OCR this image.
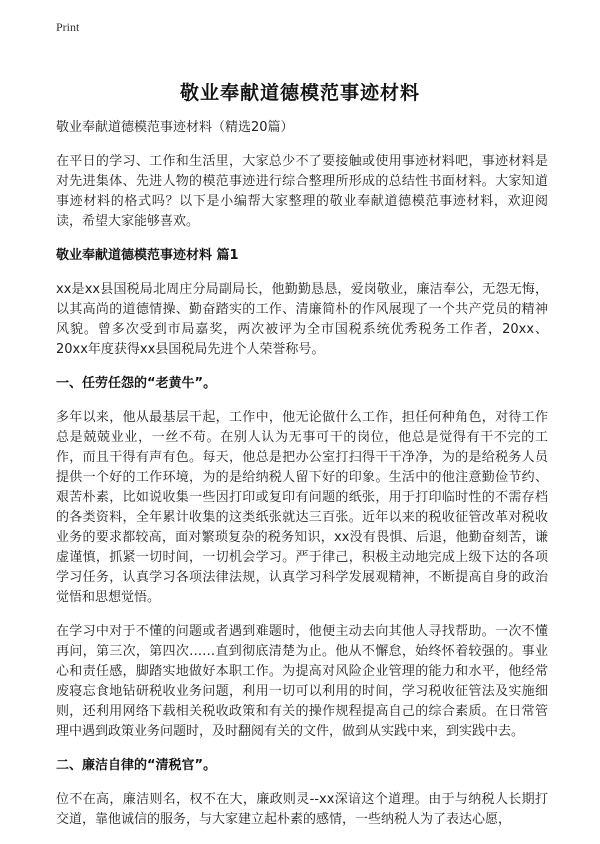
Print
敬业奉献道德模范事迹材料
敬业奉献道德模范事迹材料（精选20篇）

在平日的学习、工作和生活里，大家总少不了要接触或使用事迹材料吧，事迹材料是对先进集体、先进人物的模范事迹进行综合整理所形成的总结性书面材料。大家知道事迹材料的格式吗？以下是小编帮大家整理的敬业奉献道德模范事迹材料，欢迎阅读，希望大家能够喜欢。

敬业奉献道德模范事迹材料 篇1

xx是xx县国税局北周庄分局副局长，他勤勤恳恳，爱岗敬业，廉洁奉公，无怨无悔，以其高尚的道德情操、勤奋踏实的工作、清廉简朴的作风展现了一个共产党员的精神风貌。曾多次受到市局嘉奖，两次被评为全市国税系统优秀税务工作者，20xx、20xx年度获得xx县国税局先进个人荣誉称号。

一、任劳任怨的“老黄牛”。

多年以来，他从最基层干起，工作中，他无论做什么工作，担任何种角色，对待工作总是兢兢业业，一丝不苟。在别人认为无事可干的岗位，他总是觉得有干不完的工作，而且干得有声有色。每天，他总是把办公室打扫得干干净净，为的是给税务人员提供一个好的工作环境，为的是给纳税人留下好的印象。生活中的他注意勤俭节约、艰苦朴素，比如说收集一些因打印或复印有问题的纸张，用于打印临时性的不需存档的各类资料，全年累计收集的这类纸张就达三百张。近年以来的税收征管改革对税收业务的要求都较高，面对繁琐复杂的税务知识，xx没有畏惧、后退，他勤奋刻苦，谦虚谨慎，抓紧一切时间，一切机会学习。严于律己，积极主动地完成上级下达的各项学习任务，认真学习各项法律法规，认真学习科学发展观精神，不断提高自身的政治觉悟和思想觉悟。

在学习中对于不懂的问题或者遇到难题时，他便主动去向其他人寻找帮助。一次不懂再问，第三次，第四次……直到彻底清楚为止。他从不懈怠，始终怀着较强的。事业心和责任感，脚踏实地做好本职工作。为提高对风险企业管理的能力和水平，他经常废寝忘食地钻研税收业务问题，利用一切可以利用的时间，学习税收征管法及实施细则，还利用网络下载相关税收政策和有关的操作规程提高自己的综合素质。在日常管理中遇到政策业务问题时，及时翻阅有关的文件，做到从实践中来，到实践中去。

二、廉洁自律的“清税官”。

位不在高，廉洁则名，权不在大，廉政则灵--xx深谙这个道理。由于与纳税人长期打交道，靠他诚信的服务，与大家建立起朴素的感情，一些纳税人为了表达心愿，
